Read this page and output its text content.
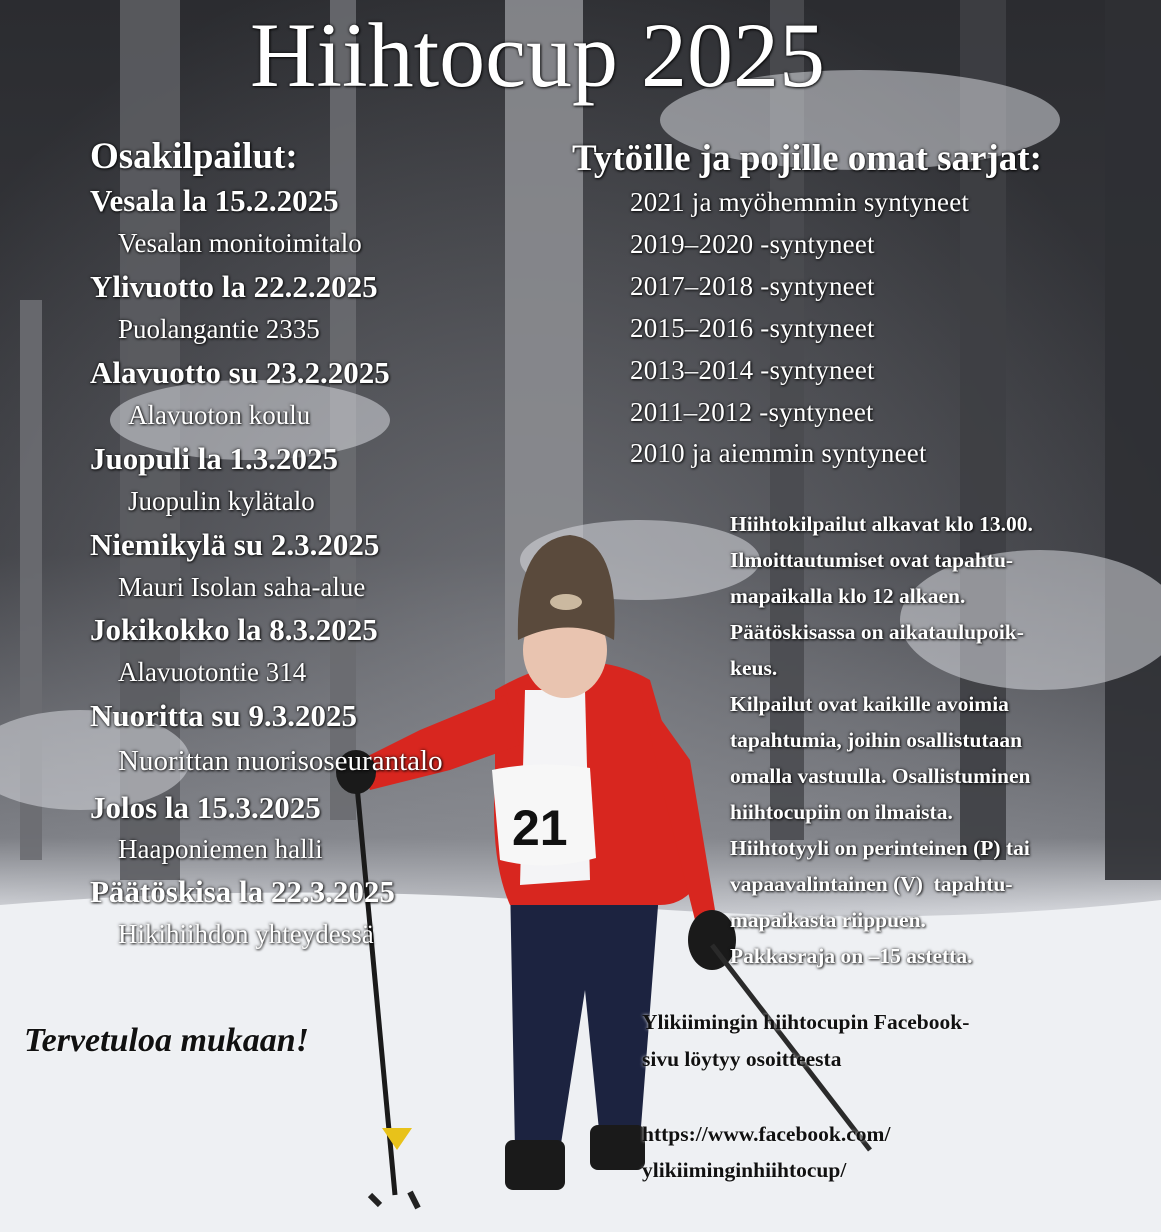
21
Hiihtocup 2025
Osakilpailut:
Vesala la 15.2.2025
Vesalan monitoimitalo
Ylivuotto la 22.2.2025
Puolangantie 2335
Alavuotto su 23.2.2025
Alavuoton koulu
Juopuli la 1.3.2025
Juopulin kylätalo
Niemikylä su 2.3.2025
Mauri Isolan saha-alue
Jokikokko la 8.3.2025
Alavuotontie 314
Nuoritta su 9.3.2025
Nuorittan nuorisoseurantalo
Jolos la 15.3.2025
Haaponiemen halli
Päätöskisa la 22.3.2025
Hikihiihdon yhteydessä
Tytöille ja pojille omat sarjat:
2021 ja myöhemmin syntyneet
2019–2020 -syntyneet
2017–2018 -syntyneet
2015–2016 -syntyneet
2013–2014 -syntyneet
2011–2012 -syntyneet
2010 ja aiemmin syntyneet
Hiihtokilpailut alkavat klo 13.00.
Ilmoittautumiset ovat tapahtu-
mapaikalla klo 12 alkaen.
Päätöskisassa on aikataulupoik-
keus.
Kilpailut ovat kaikille avoimia
tapahtumia, joihin osallistutaan
omalla vastuulla. Osallistuminen
hiihtocupiin on ilmaista.
Hiihtotyyli on perinteinen (P) tai
vapaavalintainen (V)  tapahtu-
mapaikasta riippuen.
Pakkasraja on –15 astetta.
Tervetuloa mukaan!	Ylikiimingin hiihtocupin Facebook-
sivu löytyy osoitteesta
https://www.facebook.com/
ylikiiminginhiihtocup/
